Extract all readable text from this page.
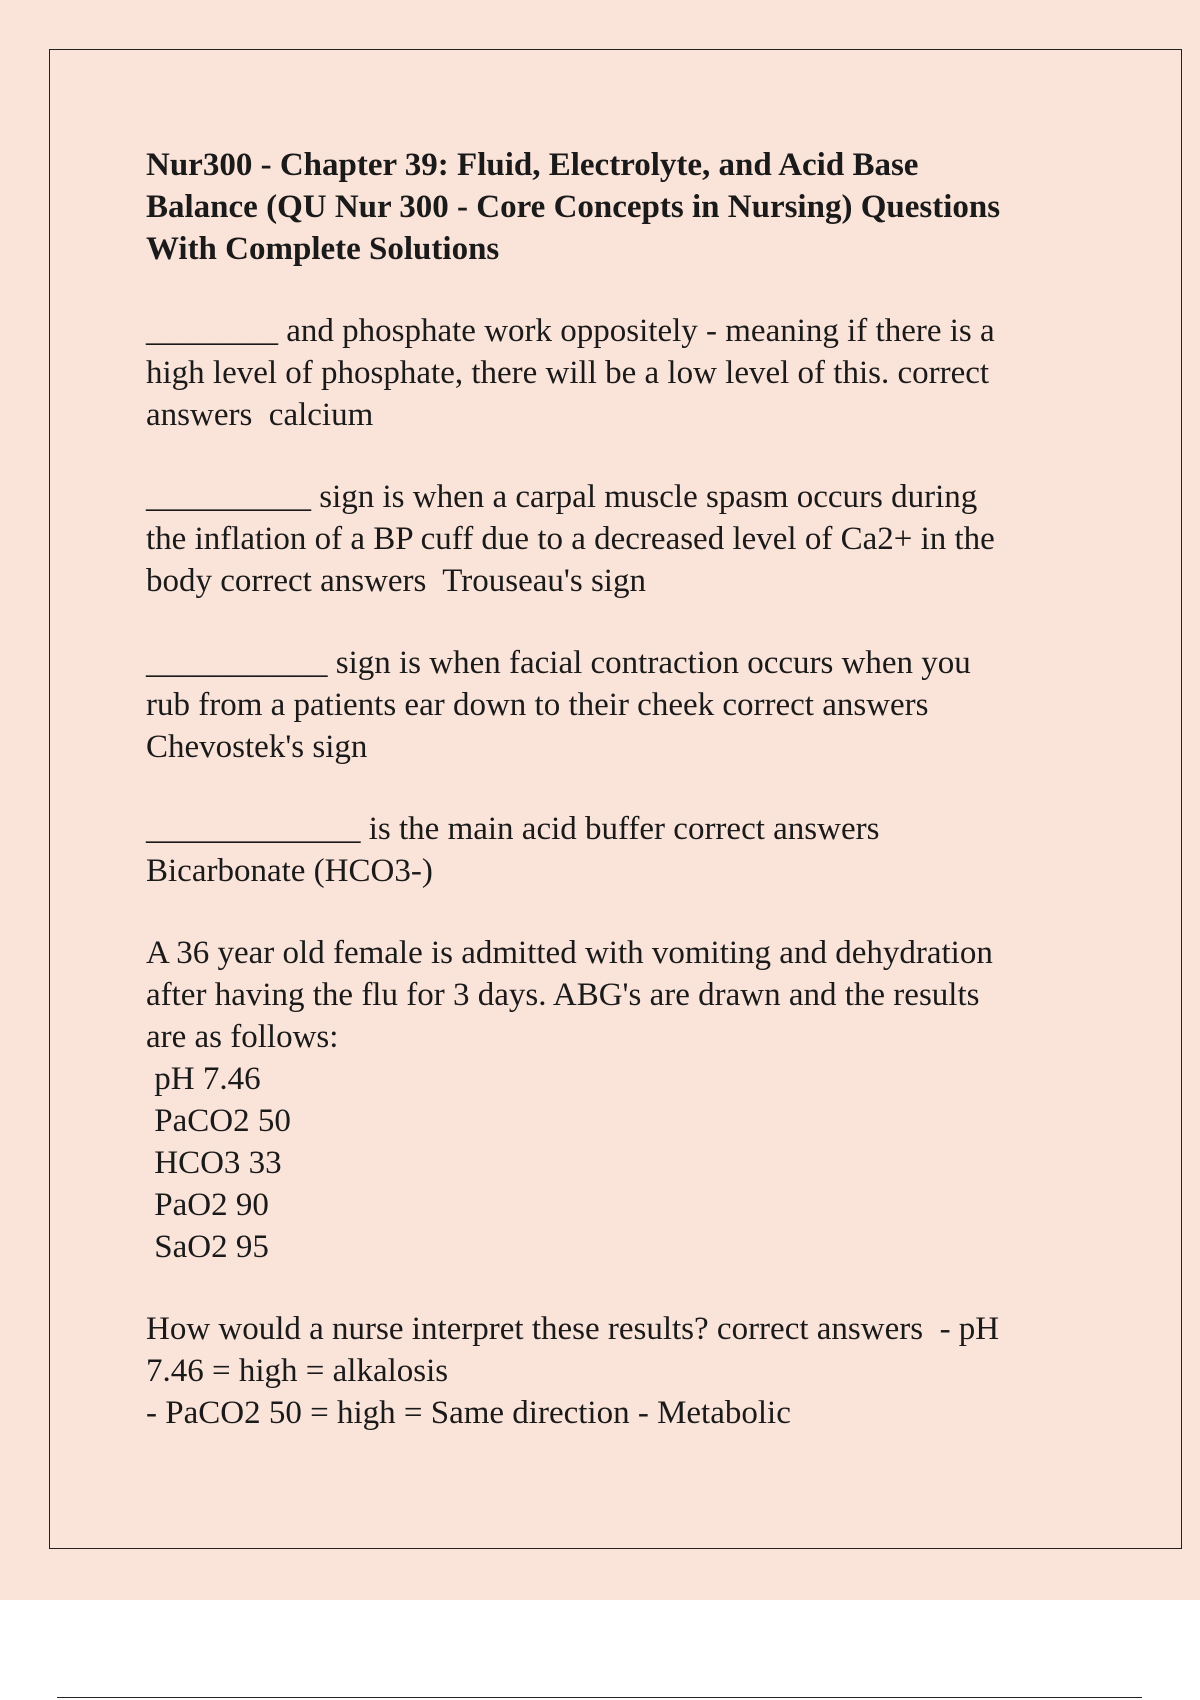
Nur300 - Chapter 39: Fluid, Electrolyte, and Acid Base
Balance (QU Nur 300 - Core Concepts in Nursing) Questions
With Complete Solutions
________ and phosphate work oppositely - meaning if there is a
high level of phosphate, there will be a low level of this. correct
answers  calcium
__________ sign is when a carpal muscle spasm occurs during
the inflation of a BP cuff due to a decreased level of Ca2+ in the
body correct answers  Trouseau's sign
___________ sign is when facial contraction occurs when you
rub from a patients ear down to their cheek correct answers
Chevostek's sign
_____________ is the main acid buffer correct answers
Bicarbonate (HCO3-)
A 36 year old female is admitted with vomiting and dehydration
after having the flu for 3 days. ABG's are drawn and the results
are as follows:
pH 7.46
PaCO2 50
HCO3 33
PaO2 90
SaO2 95
How would a nurse interpret these results? correct answers  - pH
7.46 = high = alkalosis
- PaCO2 50 = high = Same direction - Metabolic
